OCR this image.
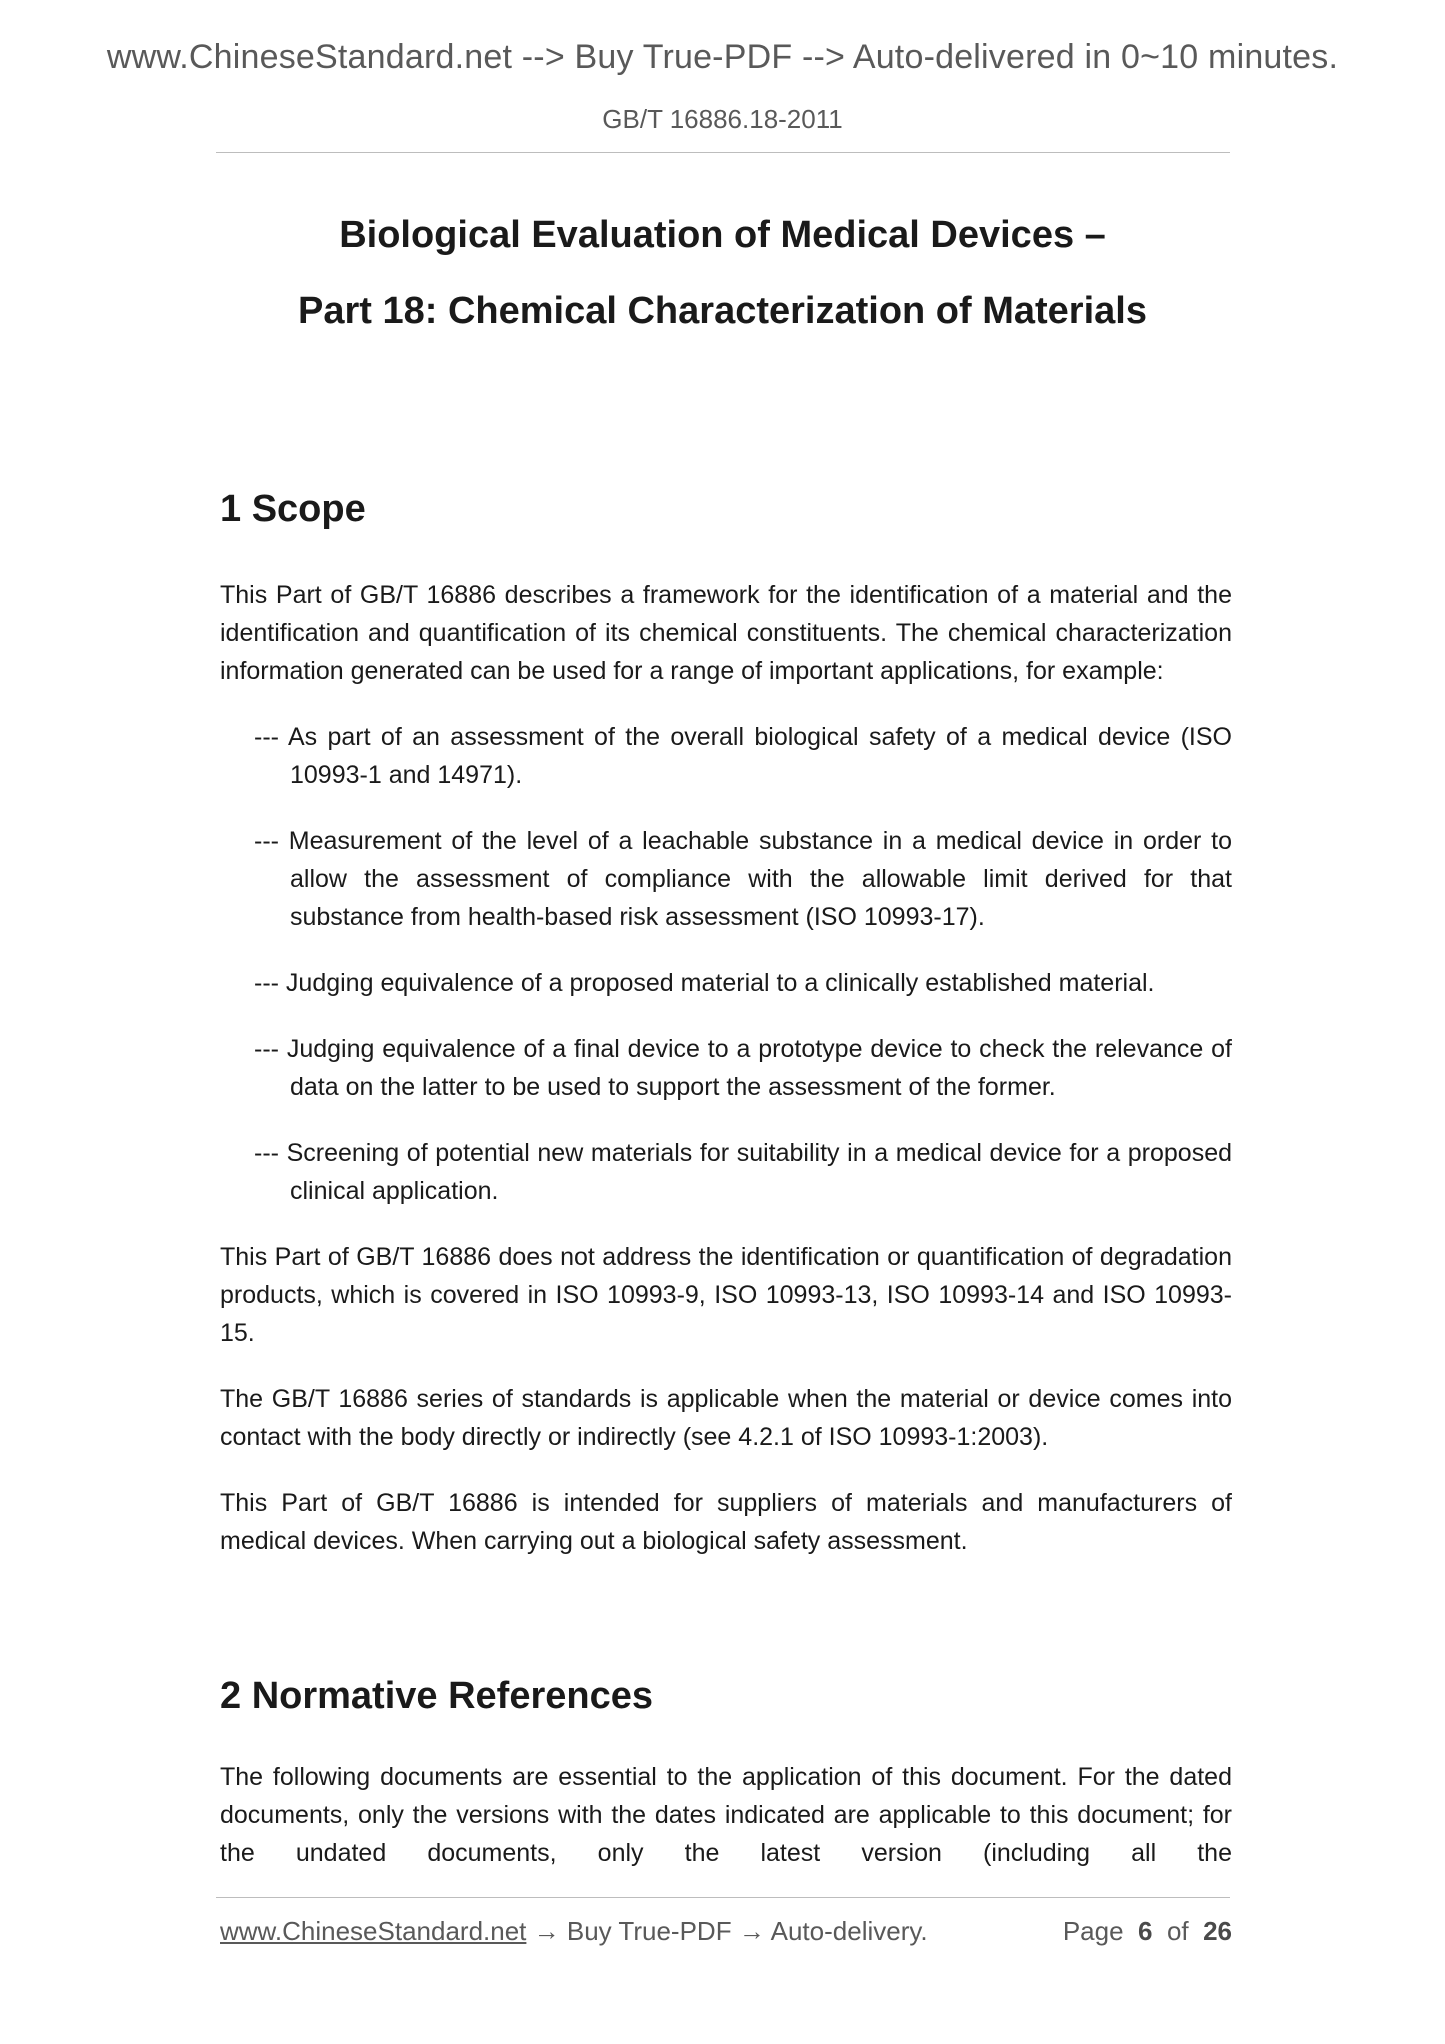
www.ChineseStandard.net --> Buy True-PDF --> Auto-delivered in 0~10 minutes.
GB/T 16886.18-2011
Biological Evaluation of Medical Devices –
Part 18: Chemical Characterization of Materials
1 Scope

This Part of GB/T 16886 describes a framework for the identification of a material and the identification and quantification of its chemical constituents. The chemical characterization information generated can be used for a range of important applications, for example:

--- As part of an assessment of the overall biological safety of a medical device (ISO 10993-1 and 14971).

--- Measurement of the level of a leachable substance in a medical device in order to allow the assessment of compliance with the allowable limit derived for that substance from health-based risk assessment (ISO 10993-17).

--- Judging equivalence of a proposed material to a clinically established material.

--- Judging equivalence of a final device to a prototype device to check the relevance of data on the latter to be used to support the assessment of the former.

--- Screening of potential new materials for suitability in a medical device for a proposed clinical application.

This Part of GB/T 16886 does not address the identification or quantification of degradation products, which is covered in ISO 10993-9, ISO 10993-13, ISO 10993-14 and ISO 10993-15.

The GB/T 16886 series of standards is applicable when the material or device comes into contact with the body directly or indirectly (see 4.2.1 of ISO 10993-1:2003).

This Part of GB/T 16886 is intended for suppliers of materials and manufacturers of medical devices. When carrying out a biological safety assessment.

2 Normative References

The following documents are essential to the application of this document. For the dated documents, only the versions with the dates indicated are applicable to this document; for the undated documents, only the latest version (including all the

www.ChineseStandard.net → Buy True-PDF → Auto-delivery.	Page 6 of 26
